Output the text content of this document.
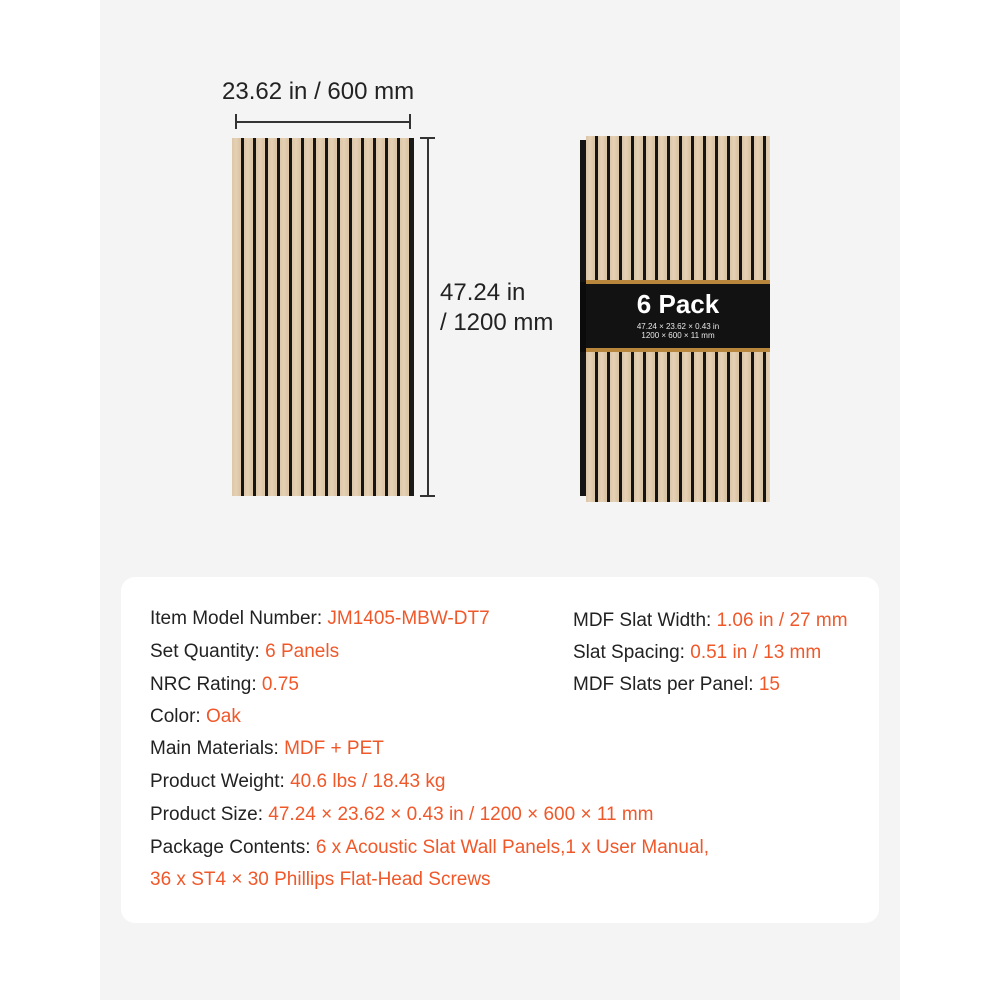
23.62 in / 600 mm
47.24 in
/ 1200 mm
6 Pack
47.24 × 23.62 × 0.43 in
1200 × 600 × 11 mm
Item Model Number: JM1405-MBW-DT7
Set Quantity: 6 Panels
NRC Rating: 0.75
Color: Oak
Main Materials: MDF + PET
Product Weight: 40.6 lbs / 18.43 kg
Product Size: 47.24 × 23.62 × 0.43 in / 1200 × 600 × 11 mm
Package Contents: 6 x Acoustic Slat Wall Panels,1 x User Manual,
36 x ST4 × 30 Phillips Flat-Head Screws
MDF Slat Width: 1.06 in / 27 mm
Slat Spacing: 0.51 in / 13 mm
MDF Slats per Panel: 15
